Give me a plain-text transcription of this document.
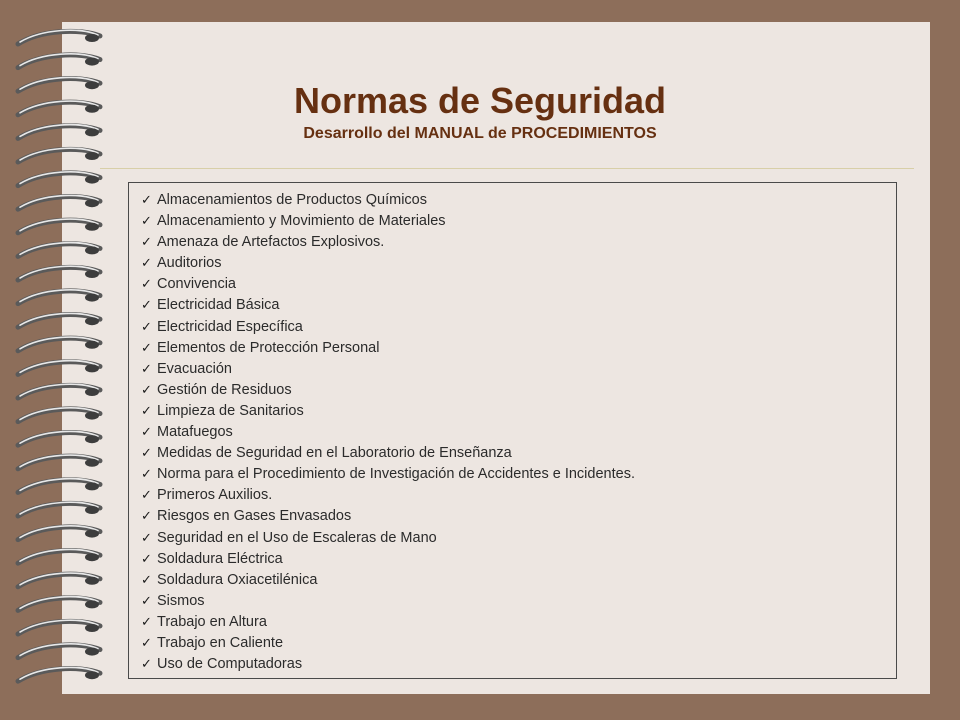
Normas de Seguridad
Desarrollo del MANUAL de PROCEDIMIENTOS
✓ Almacenamientos de Productos Químicos
✓ Almacenamiento y Movimiento de Materiales
✓ Amenaza de Artefactos Explosivos.
✓ Auditorios
✓ Convivencia
✓ Electricidad Básica
✓ Electricidad Específica
✓ Elementos de Protección Personal
✓ Evacuación
✓ Gestión de Residuos
✓ Limpieza de Sanitarios
✓ Matafuegos
✓ Medidas de Seguridad en el Laboratorio de Enseñanza
✓ Norma para el Procedimiento de Investigación de Accidentes e Incidentes.
✓ Primeros Auxilios.
✓ Riesgos en Gases Envasados
✓ Seguridad en el Uso de Escaleras de Mano
✓ Soldadura Eléctrica
✓ Soldadura Oxiacetilénica
✓ Sismos
✓ Trabajo en Altura
✓ Trabajo en Caliente
✓ Uso de Computadoras
